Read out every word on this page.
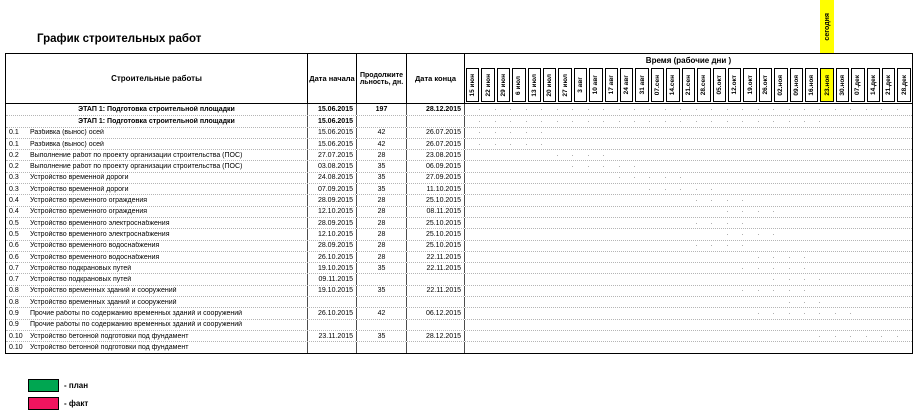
График строительных работ	сегодня
Строительные работы	Дата начала Продолжительность, дн.	Дата конца
Время (рабочие дни )
15 июн 22 июн 29 июн 6 июл 13 июл 20 июл 27 июл 3 авг 10 авг 17 авг 24 авг 31 авг 07.сен 14.сен 21.сен 28.сен 05.окт 12.окт 19.окт 26.окт 02.ноя 09.ноя 16.ноя 23.ноя 30.ноя 07.дек 14.дек 21.дек 28.дек
ЭТАП 1: Подготовка строительной площадки	15.06.2015	197	28.12.2015
ЭТАП 1: Подготовка строительной площадки	15.06.2015
0.1	Разбивка (вынос) осей	15.06.2015	42	26.07.2015
0.1	Разбивка (вынос) осей	15.06.2015	42	26.07.2015
0.2	Выполнение работ по проекту организации строительства (ПОС)	27.07.2015	28	23.08.2015
0.2	Выполнение работ по проекту организации строительства (ПОС)	03.08.2015	35	06.09.2015
0.3	Устройство временной дороги	24.08.2015	35	27.09.2015
0.3	Устройство временной дороги	07.09.2015	35	11.10.2015
0.4	Устройство временного ограждения	28.09.2015	28	25.10.2015
0.4	Устройство временного ограждения	12.10.2015	28	08.11.2015
0.5	Устройство временного электроснабжения	28.09.2015	28	25.10.2015
0.5	Устройство временного электроснабжения	12.10.2015	28	25.10.2015
0.6	Устройство временного водоснабжения	28.09.2015	28	25.10.2015
0.6	Устройство временного водоснабжения	26.10.2015	28	22.11.2015
0.7	Устройство подкрановых путей	19.10.2015	35	22.11.2015
0.7	Устройство подкрановых путей	09.11.2015
0.8	Устройство временных зданий и сооружений	19.10.2015	35	22.11.2015
0.8	Устройство временных зданий и сооружений
0.9	Прочие работы по содержанию временных зданий и сооружений	26.10.2015	42	06.12.2015
0.9	Прочие работы по содержанию временных зданий и сооружений
0.10	Устройство бетонной подготовки под фундамент	23.11.2015	35	28.12.2015
0.10	Устройство бетонной подготовки под фундамент
- план
- факт
